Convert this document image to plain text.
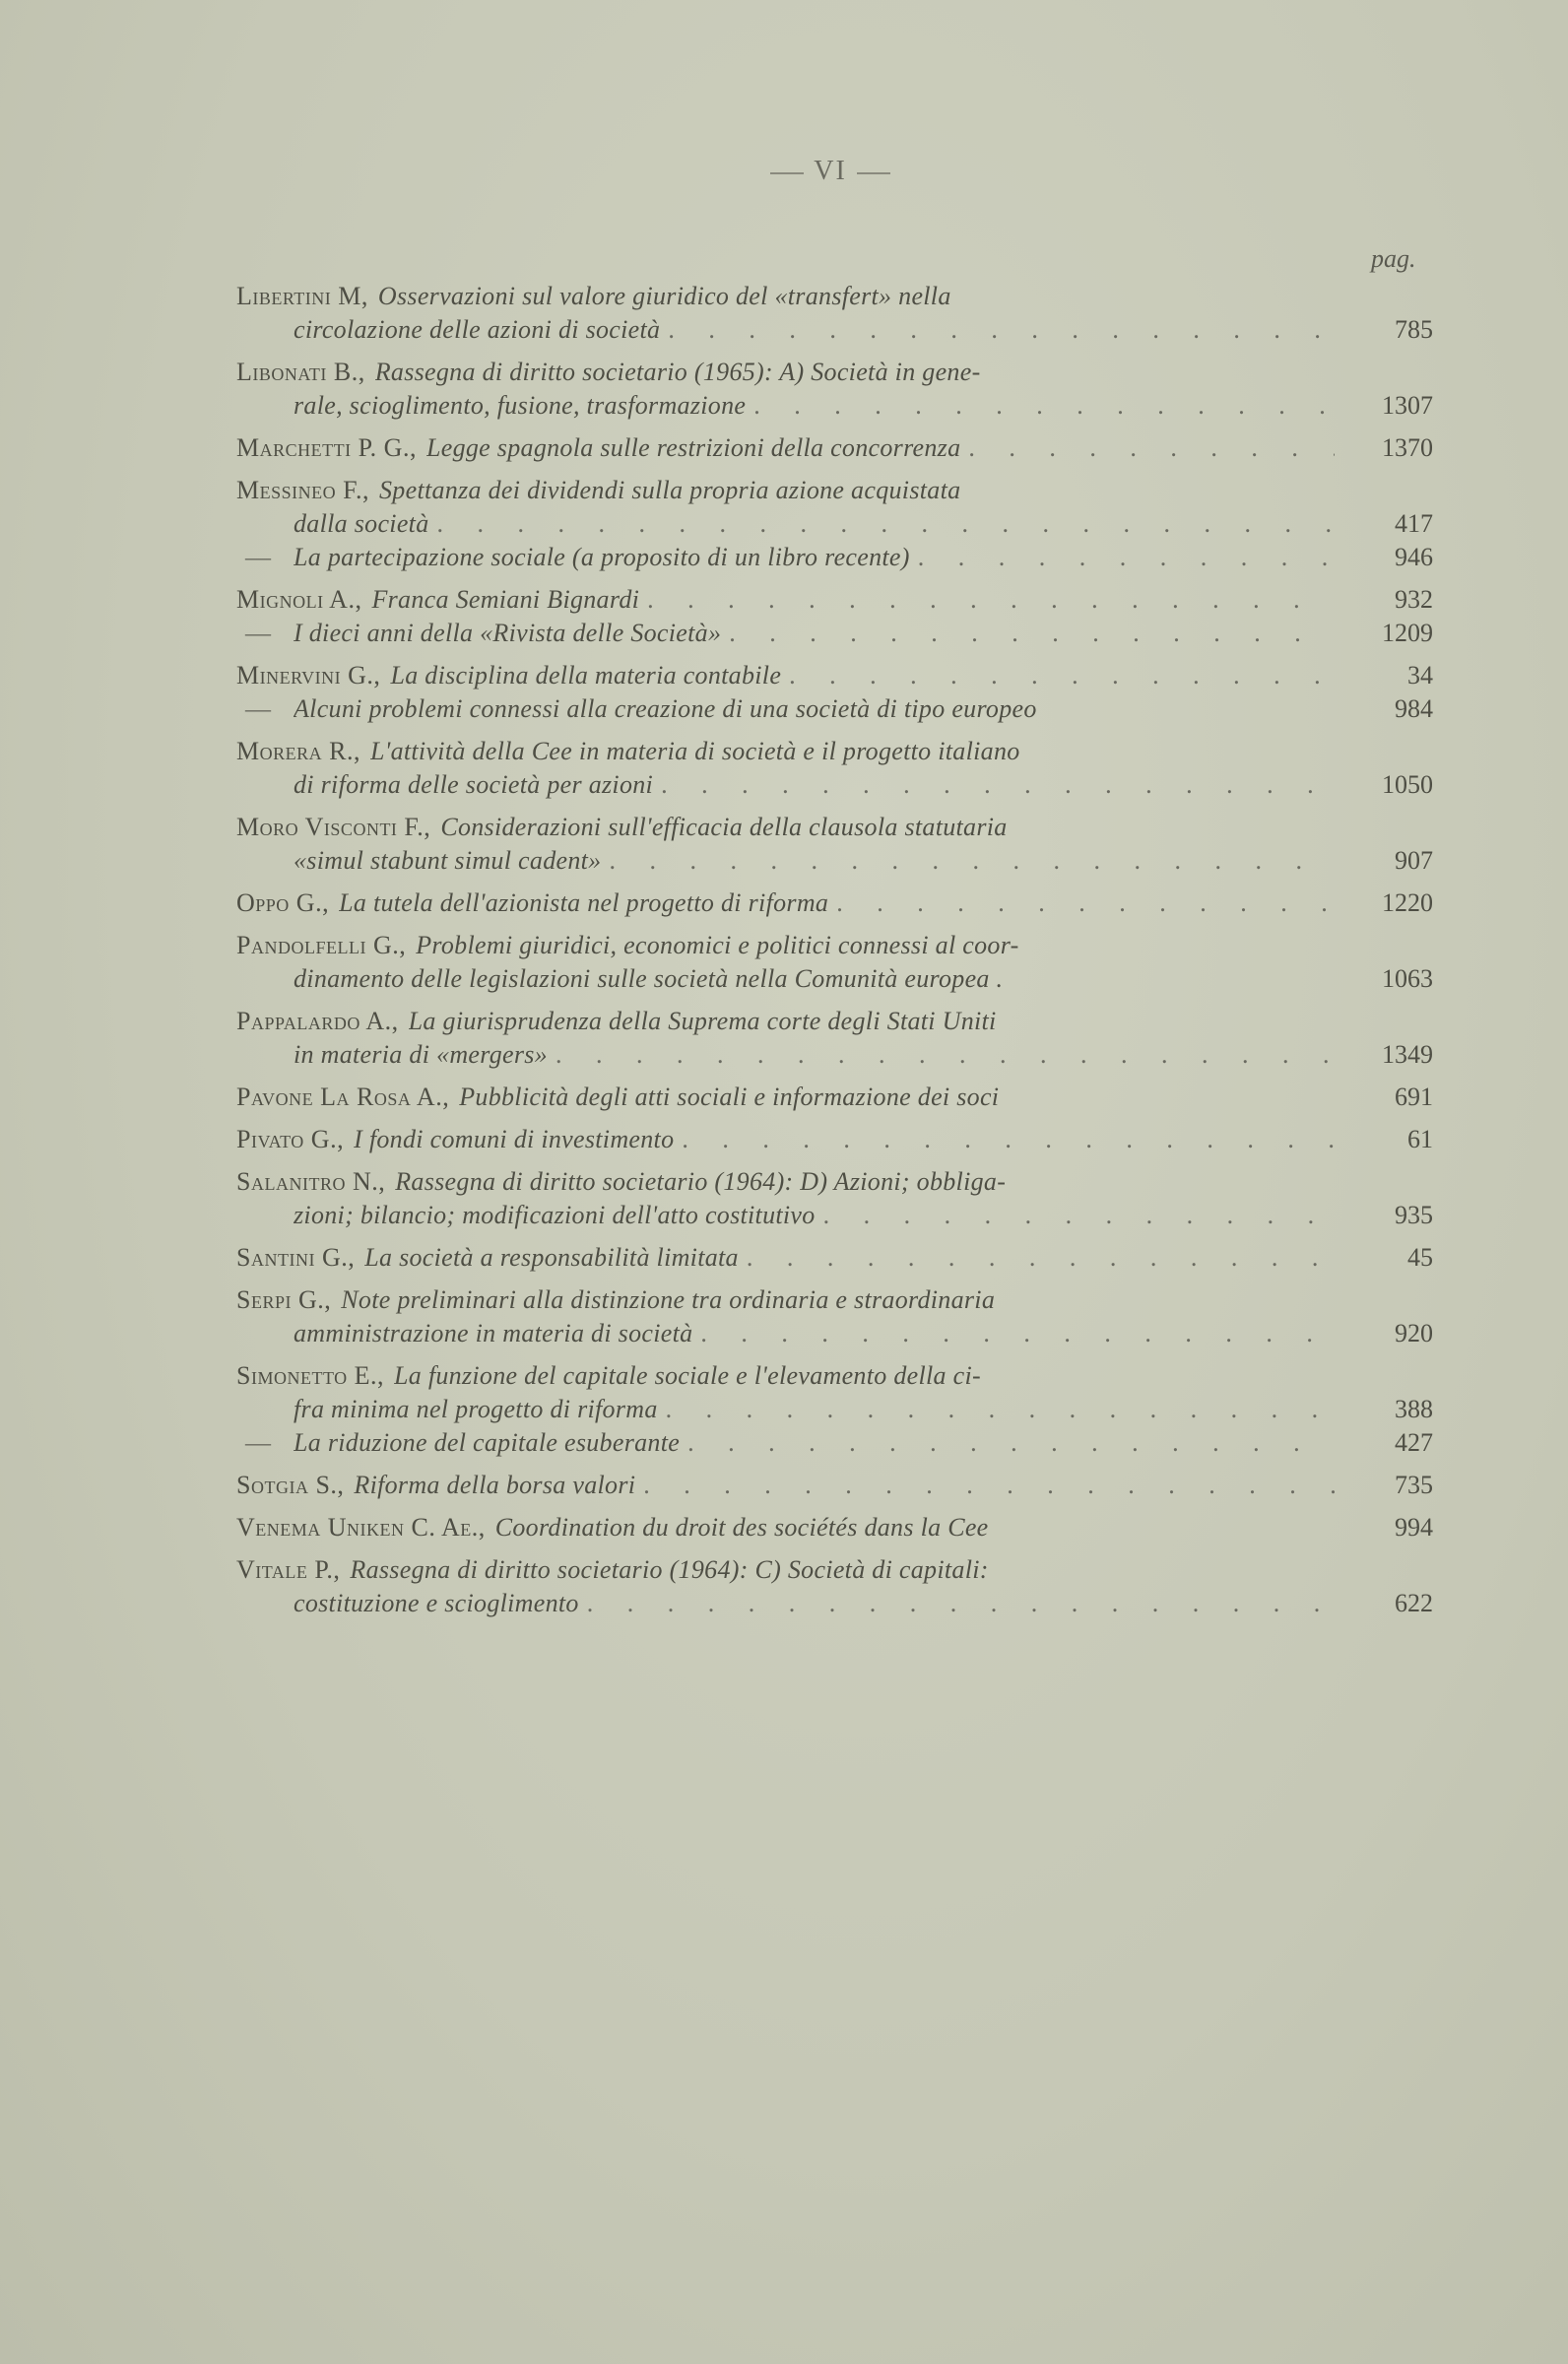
VI
pag.
Libertini M, Osservazioni sul valore giuridico del «transfert» nella
circolazione delle azioni di società . . .	785
Libonati B., Rassegna di diritto societario (1965): A) Società in gene-
rale, scioglimento, fusione, trasformazione . . .	1307
Marchetti P. G., Legge spagnola sulle restrizioni della concorrenza . . .	1370
Messineo F., Spettanza dei dividendi sulla propria azione acquistata
dalla società . . .	417
— La partecipazione sociale (a proposito di un libro recente) . . .	946
Mignoli A., Franca Semiani Bignardi . . .	932
— I dieci anni della «Rivista delle Società» . . .	1209
Minervini G., La disciplina della materia contabile . . .	34
— Alcuni problemi connessi alla creazione di una società di tipo europeo	984
Morera R., L'attività della Cee in materia di società e il progetto italiano
di riforma delle società per azioni . . .	1050
Moro Visconti F., Considerazioni sull'efficacia della clausola statutaria
«simul stabunt simul cadent» . . .	907
Oppo G., La tutela dell'azionista nel progetto di riforma . . .	1220
Pandolfelli G., Problemi giuridici, economici e politici connessi al coor-
dinamento delle legislazioni sulle società nella Comunità europea .	1063
Pappalardo A., La giurisprudenza della Suprema corte degli Stati Uniti
in materia di «mergers» . . .	1349
Pavone La Rosa A., Pubblicità degli atti sociali e informazione dei soci	691
Pivato G., I fondi comuni di investimento . . .	61
Salanitro N., Rassegna di diritto societario (1964): D) Azioni; obbliga-
zioni; bilancio; modificazioni dell'atto costitutivo . . .	935
Santini G., La società a responsabilità limitata . . .	45
Serpi G., Note preliminari alla distinzione tra ordinaria e straordinaria
amministrazione in materia di società . . .	920
Simonetto E., La funzione del capitale sociale e l'elevamento della ci-
fra minima nel progetto di riforma . . .	388
— La riduzione del capitale esuberante . . .	427
Sotgia S., Riforma della borsa valori . . .	735
Venema Uniken C. Ae., Coordination du droit des sociétés dans la Cee	994
Vitale P., Rassegna di diritto societario (1964): C) Società di capitali:
costituzione e scioglimento . . .	622
